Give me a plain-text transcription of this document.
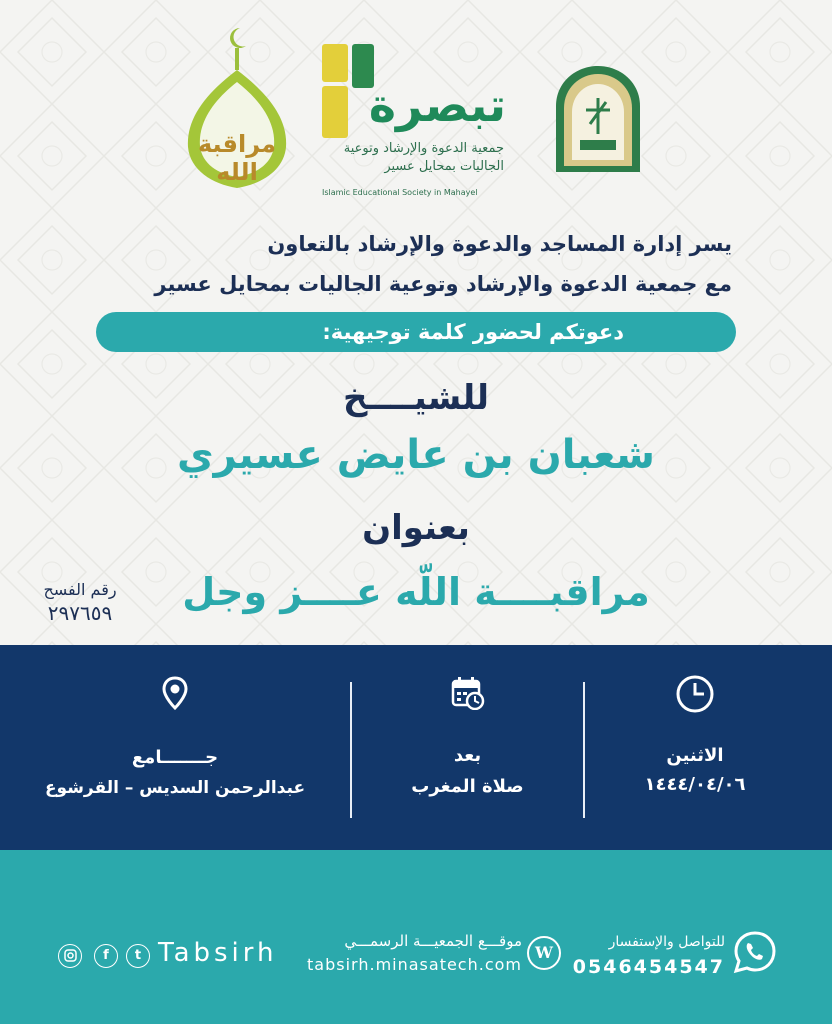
مراقبة الله
تبصرة
جمعية الدعوة والإرشاد وتوعية
الجاليات بمحايل عسير
Islamic Educational Society in Mahayel
يسر إدارة المساجد والدعوة والإرشاد بالتعاون
مع جمعية الدعوة والإرشاد وتوعية الجاليات بمحايل عسير
دعوتكم لحضور كلمة توجيهية:
للشيــــخ
شعبان بن عايض عسيري
بعنوان
مراقبــــة اللّه عــــز وجل
رقم الفسح
٢٩٧٦٥٩
جـــــــامع
عبدالرحمن السديس – القرشوع
بعد
صلاة المغرب
الاثنين
١٤٤٤/٠٤/٠٦
للتواصل والإستفسار
0546454547
W
موقـــع الجمعيـــة الرسمـــي
tabsirh.minasatech.com
Tabsirh
t
f
